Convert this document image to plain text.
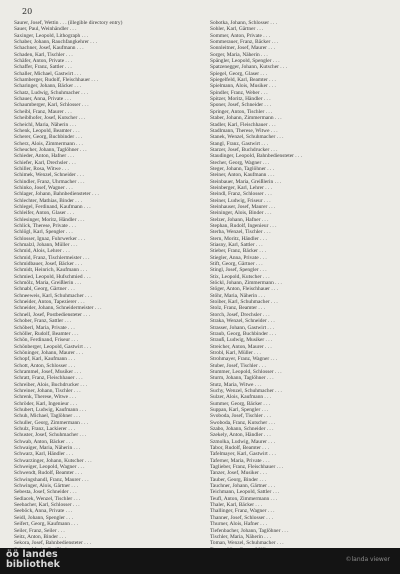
20
Saurer, Josef, Wettin . . . (illegible directory entry)
Sauer, Paul, Weinhändler . . .
Saxinger, Leopold, Lithograph . . .
Schaber, Johann, Rauchfangkehrer . . .
Schachner, Josef, Kaufmann . . .
Schaden, Karl, Tischler . . .
Schäfer, Anton, Private . . .
Schaffer, Franz, Sattler . . .
Schaller, Michael, Gastwirt . . .
Schamberger, Rudolf, Fleischhauer . . .
Scharinger, Johann, Bäcker . . .
Schatz, Ludwig, Schuhmacher . . .
Schauer, Anna, Private . . .
Schaumberger, Karl, Schlosser . . .
Scheibl, Franz, Maurer . . .
Scheiblhofer, Josef, Kutscher . . .
Scheichl, Maria, Näherin . . .
Schenk, Leopold, Beamter . . .
Scherer, Georg, Buchbinder . . .
Scherz, Alois, Zimmermann . . .
Scheucher, Johann, Taglöhner . . .
Schieder, Anton, Hafner . . .
Schiefer, Karl, Drechsler . . .
Schiller, Rosa, Witwe . . .
Schimek, Wenzel, Schneider . . .
Schindler, Franz, Uhrmacher . . .
Schinko, Josef, Wagner . . .
Schlager, Johann, Bahnbediensteter . . .
Schlechter, Mathias, Binder . . .
Schlegel, Ferdinand, Kaufmann . . .
Schleifer, Anton, Glaser . . .
Schlesinger, Moritz, Händler . . .
Schlick, Therese, Private . . .
Schlögl, Karl, Spengler . . .
Schlosser, Ignaz, Fuhrwerker . . .
Schmalzl, Johann, Müller . . .
Schmid, Alois, Lehrer . . .
Schmid, Franz, Tischlermeister . . .
Schmidbauer, Josef, Bäcker . . .
Schmidt, Heinrich, Kaufmann . . .
Schmied, Leopold, Hufschmied . . .
Schmölz, Maria, Greißlerin . . .
Schnabl, Georg, Gärtner . . .
Schneeweis, Karl, Schuhmacher . . .
Schneider, Anton, Tapezierer . . .
Schneider, Johann, Schneidermeister . . .
Schnell, Josef, Postbediensteter . . .
Schober, Franz, Sattler . . .
Schöberl, Maria, Private . . .
Schöller, Rudolf, Beamter . . .
Schön, Ferdinand, Friseur . . .
Schönberger, Leopold, Gastwirt . . .
Schöninger, Johann, Maurer . . .
Schopf, Karl, Kaufmann . . .
Schott, Anton, Schlosser . . .
Schrammel, Josef, Musiker . . .
Schratt, Franz, Fleischhauer . . .
Schreiber, Alois, Buchdrucker . . .
Schreiner, Johann, Tischler . . .
Schrenk, Therese, Witwe . . .
Schröder, Karl, Ingenieur . . .
Schubert, Ludwig, Kaufmann . . .
Schuh, Michael, Taglöhner . . .
Schuller, Georg, Zimmermann . . .
Schulz, Franz, Lackierer . . .
Schuster, Josef, Schuhmacher . . .
Schwab, Anton, Bäcker . . .
Schwaiger, Maria, Näherin . . .
Schwarz, Karl, Händler . . .
Schwarzinger, Johann, Kutscher . . .
Schweiger, Leopold, Wagner . . .
Schwendt, Rudolf, Beamter . . .
Schwingshandl, Franz, Maurer . . .
Schwinger, Alois, Gärtner . . .
Sebesta, Josef, Schneider . . .
Sedlacek, Wenzel, Tischler . . .
Seebacher, Karl, Schlosser . . .
Seeböck, Anna, Private . . .
Seidl, Johann, Spengler . . .
Seifert, Georg, Kaufmann . . .
Seiler, Franz, Seiler . . .
Seitz, Anton, Binder . . .
Sekora, Josef, Bahnbediensteter . . .
Sobotka, Johann, Schlosser . . .
Sohler, Karl, Gärtner . . .
Sommer, Anton, Private . . .
Sommerauer, Franz, Bäcker . . .
Sonnleitner, Josef, Maurer . . .
Sorger, Maria, Näherin . . .
Spängler, Leopold, Spengler . . .
Spatzenegger, Johann, Kutscher . . .
Spiegel, Georg, Glaser . . .
Spiegelfeld, Karl, Beamter . . .
Spielmann, Alois, Musiker . . .
Spindler, Franz, Weber . . .
Spitzer, Moritz, Händler . . .
Sponer, Josef, Schneider . . .
Springer, Anton, Tischler . . .
Staber, Johann, Zimmermann . . .
Stadler, Karl, Fleischhauer . . .
Stadlmann, Therese, Witwe . . .
Stanek, Wenzel, Schuhmacher . . .
Stangl, Franz, Gastwirt . . .
Starzer, Josef, Buchdrucker . . .
Staudinger, Leopold, Bahnbediensteter . . .
Stecher, Georg, Wagner . . .
Steger, Johann, Taglöhner . . .
Steiner, Anton, Kaufmann . . .
Steinbauer, Maria, Greißlerin . . .
Steinberger, Karl, Lehrer . . .
Steindl, Franz, Schlosser . . .
Steiner, Ludwig, Friseur . . .
Steinhauser, Josef, Maurer . . .
Steininger, Alois, Binder . . .
Stelzer, Johann, Hafner . . .
Stephan, Rudolf, Ingenieur . . .
Sterba, Wenzel, Tischler . . .
Stern, Moritz, Händler . . .
Stiasny, Karl, Sattler . . .
Stieber, Franz, Bäcker . . .
Stiegler, Anna, Private . . .
Stift, Georg, Gärtner . . .
Stingl, Josef, Spengler . . .
Stix, Leopold, Kutscher . . .
Stöckl, Johann, Zimmermann . . .
Stöger, Anton, Fleischhauer . . .
Stöhr, Maria, Näherin . . .
Stoiber, Karl, Schuhmacher . . .
Stolz, Franz, Beamter . . .
Storch, Josef, Drechsler . . .
Straka, Wenzel, Schneider . . .
Strasser, Johann, Gastwirt . . .
Straub, Georg, Buchbinder . . .
Strauß, Ludwig, Musiker . . .
Streicher, Anton, Maurer . . .
Strobl, Karl, Müller . . .
Strohmayer, Franz, Wagner . . .
Stuber, Josef, Tischler . . .
Stummer, Leopold, Schlosser . . .
Sturm, Johann, Taglöhner . . .
Stutz, Maria, Witwe . . .
Suchy, Wenzel, Schuhmacher . . .
Sulzer, Alois, Kaufmann . . .
Summer, Georg, Bäcker . . .
Suppan, Karl, Spengler . . .
Svoboda, Josef, Tischler . . .
Swoboda, Franz, Kutscher . . .
Szabo, Johann, Schneider . . .
Szekely, Anton, Händler . . .
Szmolka, Ludwig, Maurer . . .
Tabor, Rudolf, Beamter . . .
Tafelmayer, Karl, Gastwirt . . .
Taferner, Maria, Private . . .
Taglieber, Franz, Fleischhauer . . .
Tanzer, Josef, Musiker . . .
Tauber, Georg, Binder . . .
Tauchner, Johann, Gärtner . . .
Teichmann, Leopold, Sattler . . .
Teufl, Anton, Zimmermann . . .
Thaler, Karl, Bäcker . . .
Thallinger, Franz, Wagner . . .
Thanner, Josef, Schlosser . . .
Thurner, Alois, Hafner . . .
Tiefenbacher, Johann, Taglöhner . . .
Tischler, Maria, Näherin . . .
Toman, Wenzel, Schuhmacher . . .
öö landes
bibliothek	©landa viewer
